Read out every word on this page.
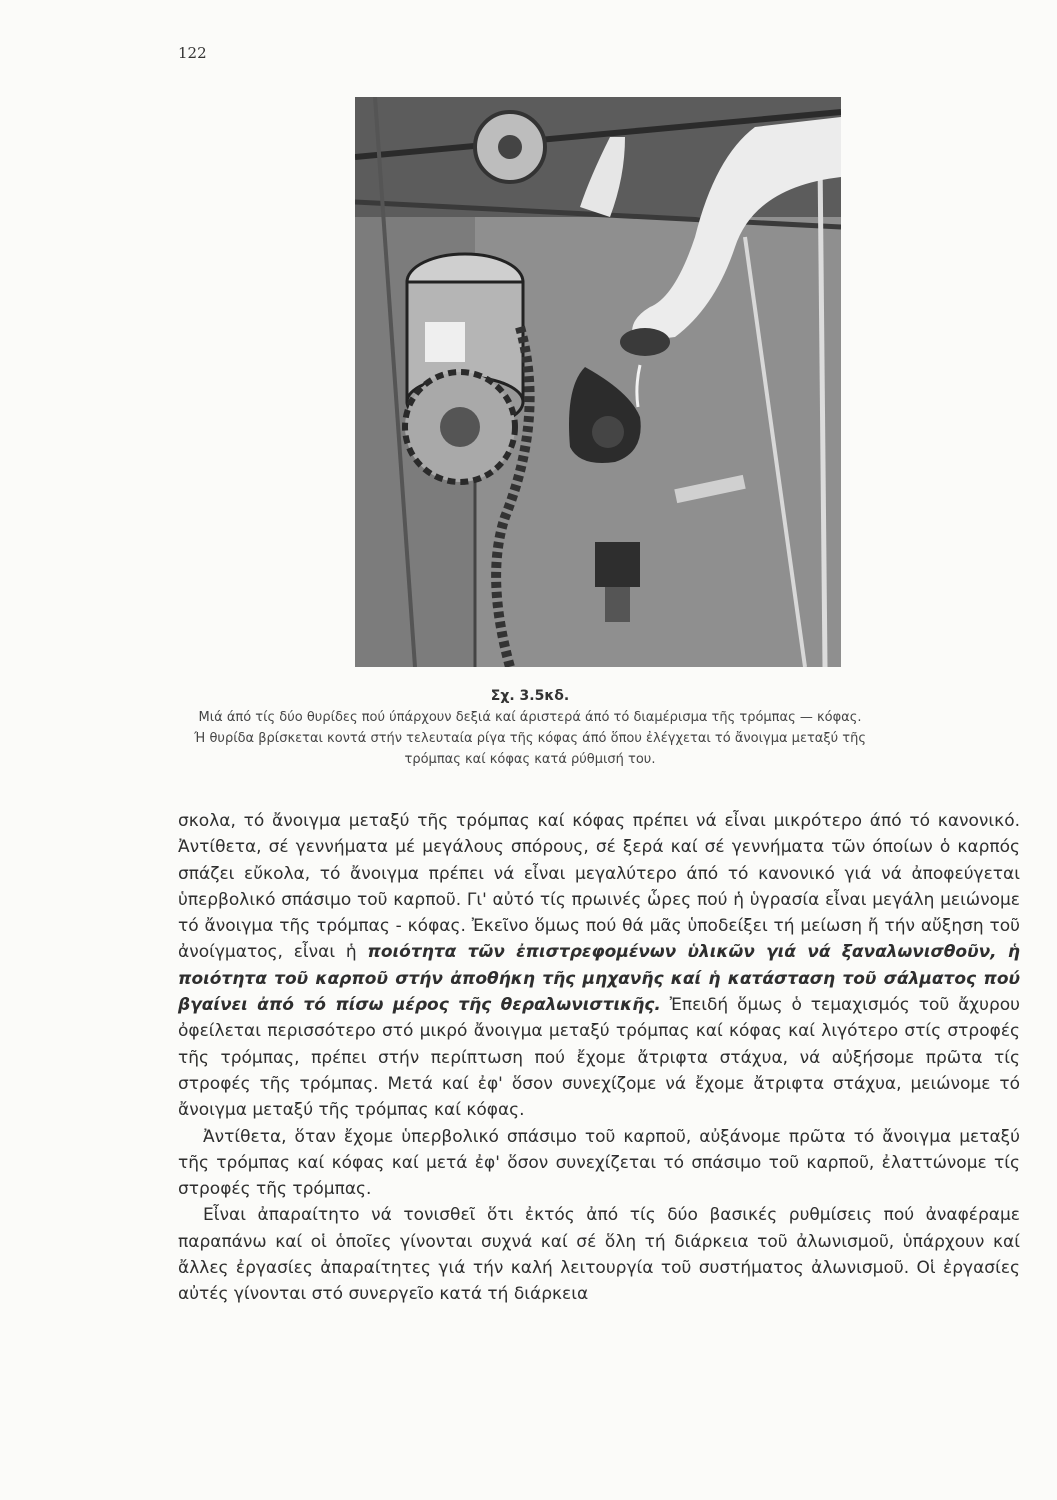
122
Σχ. 3.5κδ.
Μιά άπό τίς δύο θυρίδες πού ύπάρχουν δεξιά καί άριστερά άπό τό διαμέρισμα τῆς τρόμπας — κόφας.
Ή θυρίδα βρίσκεται κοντά στήν τελευταία ρίγα τῆς κόφας άπό ὅπου ἐλέγχεται τό ἄνοιγμα μεταξύ τῆς
τρόμπας καί κόφας κατά ρύθμισή του.

σκολα, τό ἄνοιγμα μεταξύ τῆς τρόμπας καί κόφας πρέπει νά εἶναι μικρότερο άπό τό κανονικό. Ἀντίθετα, σέ γεννήματα μέ μεγάλους σπόρους, σέ ξερά καί σέ γεννήματα τῶν όποίων ὁ καρπός σπάζει εὔκολα, τό ἄνοιγμα πρέπει νά εἶναι μεγαλύτερο άπό τό κανονικό γιά νά ἀποφεύγεται ὑπερβολικό σπάσιμο τοῦ καρποῦ. Γι' αὐτό τίς πρωινές ὧρες πού ἡ ὑγρασία εἶναι μεγάλη μειώνομε τό ἄνοιγμα τῆς τρόμπας - κόφας. Ἐκεῖνο ὅμως πού θά μᾶς ὑποδείξει τή μείωση ἤ τήν αὔξηση τοῦ ἀνοίγματος, εἶναι ἡ ποιότητα τῶν ἐπιστρεφομένων ὑλικῶν γιά νά ξαναλωνισθοῦν, ἡ ποιότητα τοῦ καρποῦ στήν ἀποθήκη τῆς μηχανῆς καί ἡ κατάσταση τοῦ σάλματος πού βγαίνει ἀπό τό πίσω μέρος τῆς θεραλωνιστικῆς. Ἐπειδή ὅμως ὁ τεμαχισμός τοῦ ἄχυρου ὀφείλεται περισσότερο στό μικρό ἄνοιγμα μεταξύ τρόμπας καί κόφας καί λιγότερο στίς στροφές τῆς τρόμπας, πρέπει στήν περίπτωση πού ἔχομε ἄτριφτα στάχυα, νά αὐξήσομε πρῶτα τίς στροφές τῆς τρόμπας. Μετά καί ἐφ' ὅσον συνεχίζομε νά ἔχομε ἄτριφτα στάχυα, μειώνομε τό ἄνοιγμα μεταξύ τῆς τρόμπας καί κόφας.

Ἀντίθετα, ὅταν ἔχομε ὑπερβολικό σπάσιμο τοῦ καρποῦ, αὐξάνομε πρῶτα τό ἄνοιγμα μεταξύ τῆς τρόμπας καί κόφας καί μετά ἐφ' ὅσον συνεχίζεται τό σπάσιμο τοῦ καρποῦ, ἐλαττώνομε τίς στροφές τῆς τρόμπας.

Εἶναι ἀπαραίτητο νά τονισθεῖ ὅτι ἐκτός ἀπό τίς δύο βασικές ρυθμίσεις πού ἀναφέραμε παραπάνω καί οἱ ὁποῖες γίνονται συχνά καί σέ ὅλη τή διάρκεια τοῦ ἀλωνισμοῦ, ὑπάρχουν καί ἄλλες ἐργασίες ἀπαραίτητες γιά τήν καλή λειτουργία τοῦ συστήματος ἀλωνισμοῦ. Οἱ ἐργασίες αὐτές γίνονται στό συνεργεῖο κατά τή διάρκεια
